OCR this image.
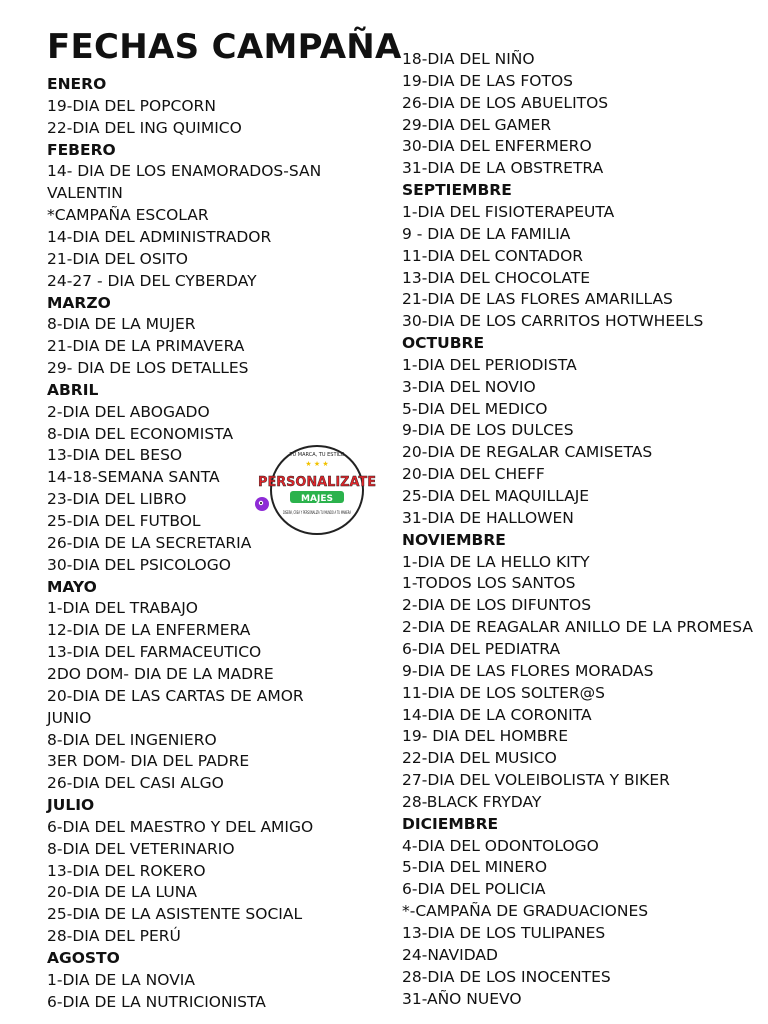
FECHAS CAMPAÑA
ENERO
19-DIA DEL POPCORN
22-DIA DEL ING QUIMICO
FEBERO
14- DIA DE LOS ENAMORADOS-SAN
VALENTIN
*CAMPAÑA ESCOLAR
14-DIA DEL ADMINISTRADOR
21-DIA DEL OSITO
24-27 - DIA DEL CYBERDAY
MARZO
8-DIA DE LA MUJER
21-DIA DE LA PRIMAVERA
29- DIA DE LOS DETALLES
ABRIL
2-DIA DEL ABOGADO
8-DIA DEL ECONOMISTA
13-DIA DEL BESO
14-18-SEMANA SANTA
23-DIA DEL LIBRO
25-DIA DEL FUTBOL
26-DIA DE LA SECRETARIA
30-DIA DEL PSICOLOGO
MAYO
1-DIA DEL TRABAJO
12-DIA DE LA ENFERMERA
13-DIA DEL FARMACEUTICO
2DO DOM- DIA DE LA MADRE
20-DIA DE LAS CARTAS DE AMOR
JUNIO
8-DIA DEL INGENIERO
3ER DOM- DIA DEL PADRE
26-DIA DEL CASI ALGO
JULIO
6-DIA DEL MAESTRO Y DEL AMIGO
8-DIA DEL VETERINARIO
13-DIA DEL ROKERO
20-DIA DE LA LUNA
25-DIA DE LA ASISTENTE SOCIAL
28-DIA DEL PERÚ
AGOSTO
1-DIA DE LA NOVIA
6-DIA DE LA NUTRICIONISTA
18-DIA DEL NIÑO
19-DIA DE LAS FOTOS
26-DIA DE LOS ABUELITOS
29-DIA DEL GAMER
30-DIA DEL ENFERMERO
31-DIA DE LA OBSTRETRA
SEPTIEMBRE
1-DIA DEL FISIOTERAPEUTA
9 - DIA DE LA FAMILIA
11-DIA DEL CONTADOR
13-DIA DEL CHOCOLATE
21-DIA DE LAS FLORES AMARILLAS
30-DIA DE LOS CARRITOS HOTWHEELS
OCTUBRE
1-DIA DEL PERIODISTA
3-DIA DEL NOVIO
5-DIA DEL MEDICO
9-DIA DE LOS DULCES
20-DIA DE REGALAR CAMISETAS
20-DIA DEL CHEFF
25-DIA DEL MAQUILLAJE
31-DIA DE HALLOWEN
NOVIEMBRE
1-DIA DE LA HELLO KITY
1-TODOS LOS SANTOS
2-DIA DE LOS DIFUNTOS
2-DIA DE REAGALAR ANILLO DE LA PROMESA
6-DIA DEL PEDIATRA
9-DIA DE LAS FLORES MORADAS
11-DIA DE LOS SOLTER@S
14-DIA DE LA CORONITA
19- DIA DEL HOMBRE
22-DIA DEL MUSICO
27-DIA DEL VOLEIBOLISTA Y BIKER
28-BLACK FRYDAY
DICIEMBRE
4-DIA DEL ODONTOLOGO
5-DIA DEL MINERO
6-DIA DEL POLICIA
*-CAMPAÑA DE GRADUACIONES
13-DIA DE LOS TULIPANES
24-NAVIDAD
28-DIA DE LOS INOCENTES
31-AÑO NUEVO
TU MARCA, TU ESTILO
★ ★ ★
PERSONALIZATE
MAJES
DISEÑA, CREA Y PERSONALIZA TU MUNDO A TU MANERA
